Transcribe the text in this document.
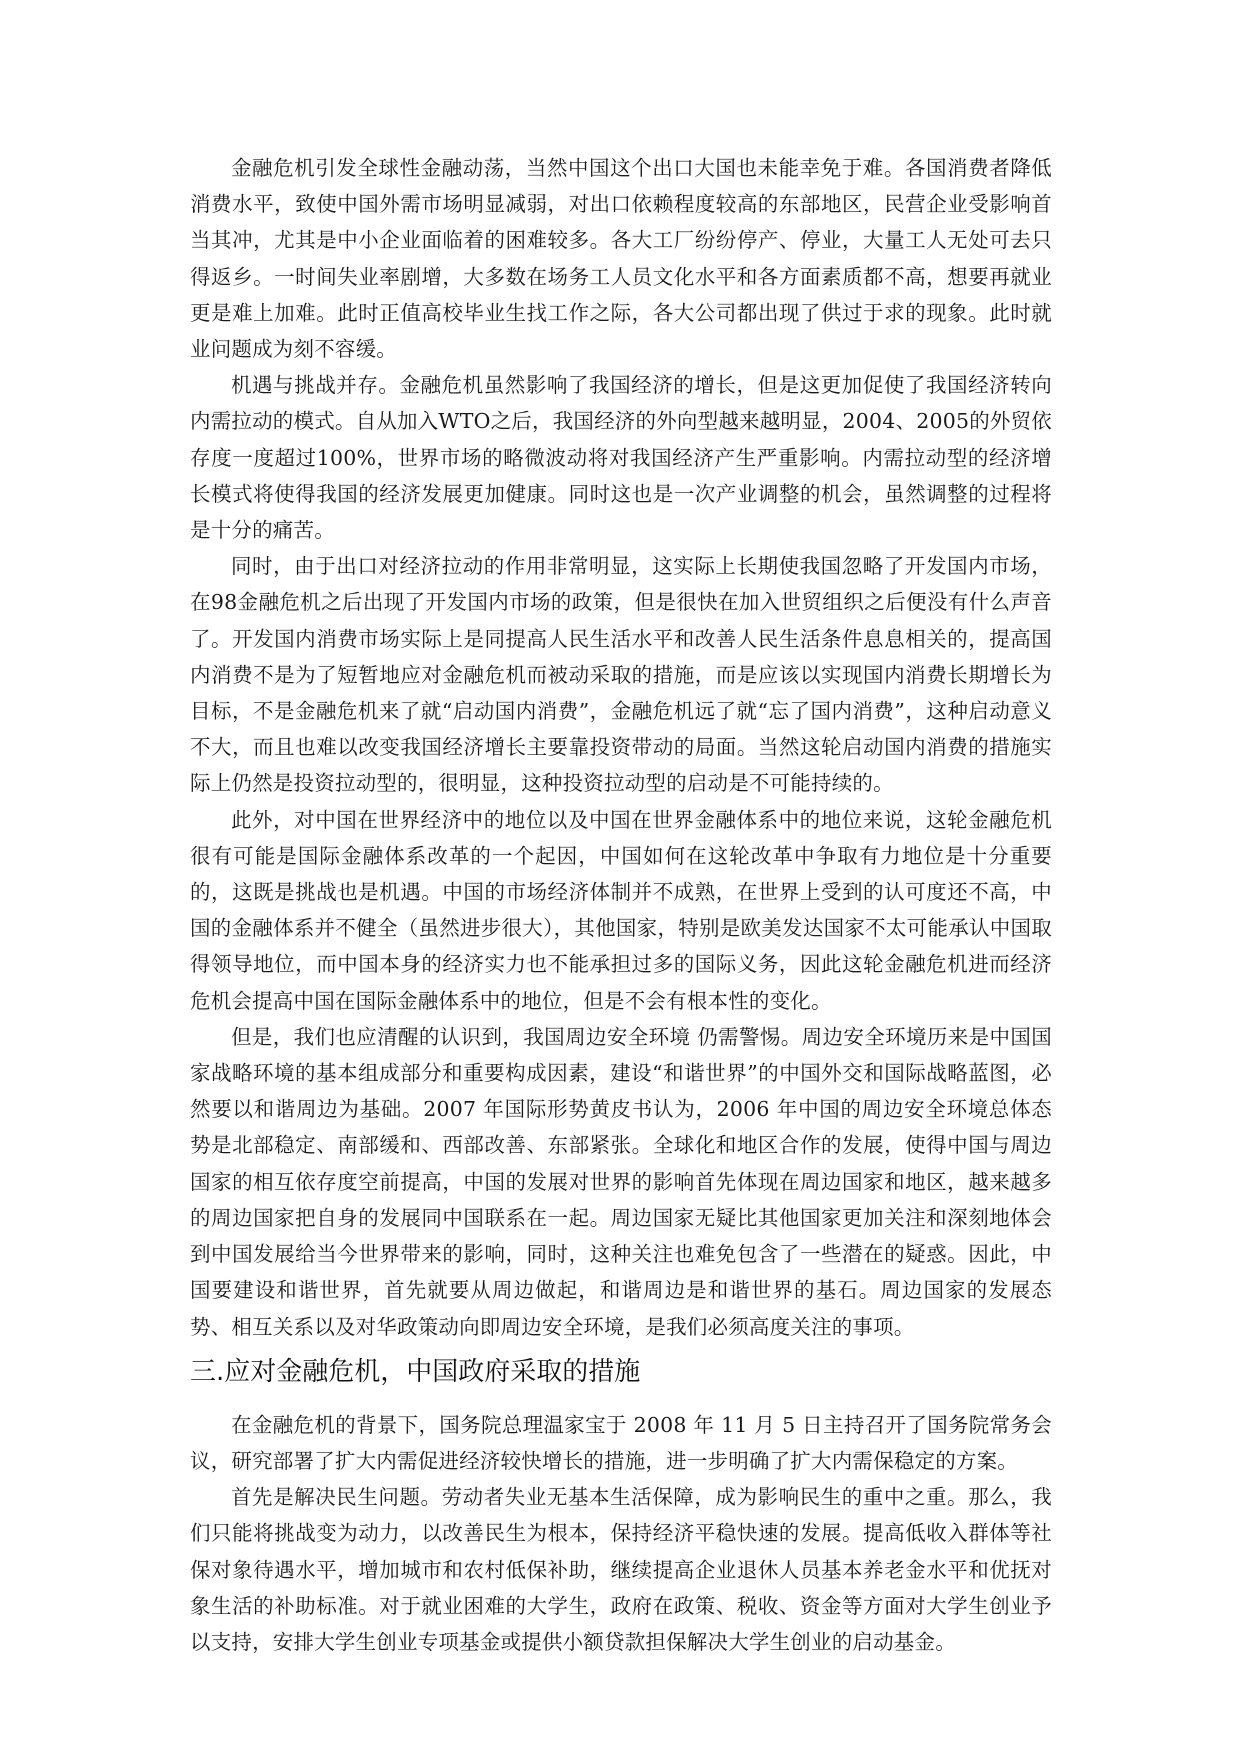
金融危机引发全球性金融动荡，当然中国这个出口大国也未能幸免于难。各国消费者降低消费水平，致使中国外需市场明显减弱，对出口依赖程度较高的东部地区，民营企业受影响首当其冲，尤其是中小企业面临着的困难较多。各大工厂纷纷停产、停业，大量工人无处可去只得返乡。一时间失业率剧增，大多数在场务工人员文化水平和各方面素质都不高，想要再就业更是难上加难。此时正值高校毕业生找工作之际，各大公司都出现了供过于求的现象。此时就业问题成为刻不容缓。

机遇与挑战并存。金融危机虽然影响了我国经济的增长，但是这更加促使了我国经济转向内需拉动的模式。自从加入WTO之后，我国经济的外向型越来越明显，2004、2005的外贸依存度一度超过100%，世界市场的略微波动将对我国经济产生严重影响。内需拉动型的经济增长模式将使得我国的经济发展更加健康。同时这也是一次产业调整的机会，虽然调整的过程将是十分的痛苦。

同时，由于出口对经济拉动的作用非常明显，这实际上长期使我国忽略了开发国内市场，在98金融危机之后出现了开发国内市场的政策，但是很快在加入世贸组织之后便没有什么声音了。开发国内消费市场实际上是同提高人民生活水平和改善人民生活条件息息相关的，提高国内消费不是为了短暂地应对金融危机而被动采取的措施，而是应该以实现国内消费长期增长为目标，不是金融危机来了就“启动国内消费”，金融危机远了就“忘了国内消费”，这种启动意义不大，而且也难以改变我国经济增长主要靠投资带动的局面。当然这轮启动国内消费的措施实际上仍然是投资拉动型的，很明显，这种投资拉动型的启动是不可能持续的。

此外，对中国在世界经济中的地位以及中国在世界金融体系中的地位来说，这轮金融危机很有可能是国际金融体系改革的一个起因，中国如何在这轮改革中争取有力地位是十分重要的，这既是挑战也是机遇。中国的市场经济体制并不成熟，在世界上受到的认可度还不高，中国的金融体系并不健全（虽然进步很大），其他国家，特别是欧美发达国家不太可能承认中国取得领导地位，而中国本身的经济实力也不能承担过多的国际义务，因此这轮金融危机进而经济危机会提高中国在国际金融体系中的地位，但是不会有根本性的变化。

但是，我们也应清醒的认识到，我国周边安全环境 仍需警惕。周边安全环境历来是中国国家战略环境的基本组成部分和重要构成因素，建设“和谐世界”的中国外交和国际战略蓝图，必然要以和谐周边为基础。2007 年国际形势黄皮书认为，2006 年中国的周边安全环境总体态势是北部稳定、南部缓和、西部改善、东部紧张。全球化和地区合作的发展，使得中国与周边国家的相互依存度空前提高，中国的发展对世界的影响首先体现在周边国家和地区，越来越多的周边国家把自身的发展同中国联系在一起。周边国家无疑比其他国家更加关注和深刻地体会到中国发展给当今世界带来的影响，同时，这种关注也难免包含了一些潜在的疑惑。因此，中国要建设和谐世界，首先就要从周边做起，和谐周边是和谐世界的基石。周边国家的发展态势、相互关系以及对华政策动向即周边安全环境，是我们必须高度关注的事项。

三.应对金融危机，中国政府采取的措施

在金融危机的背景下，国务院总理温家宝于 2008 年 11 月 5 日主持召开了国务院常务会议，研究部署了扩大内需促进经济较快增长的措施，进一步明确了扩大内需保稳定的方案。

首先是解决民生问题。劳动者失业无基本生活保障，成为影响民生的重中之重。那么，我们只能将挑战变为动力，以改善民生为根本，保持经济平稳快速的发展。提高低收入群体等社保对象待遇水平，增加城市和农村低保补助，继续提高企业退休人员基本养老金水平和优抚对象生活的补助标准。对于就业困难的大学生，政府在政策、税收、资金等方面对大学生创业予以支持，安排大学生创业专项基金或提供小额贷款担保解决大学生创业的启动基金。
